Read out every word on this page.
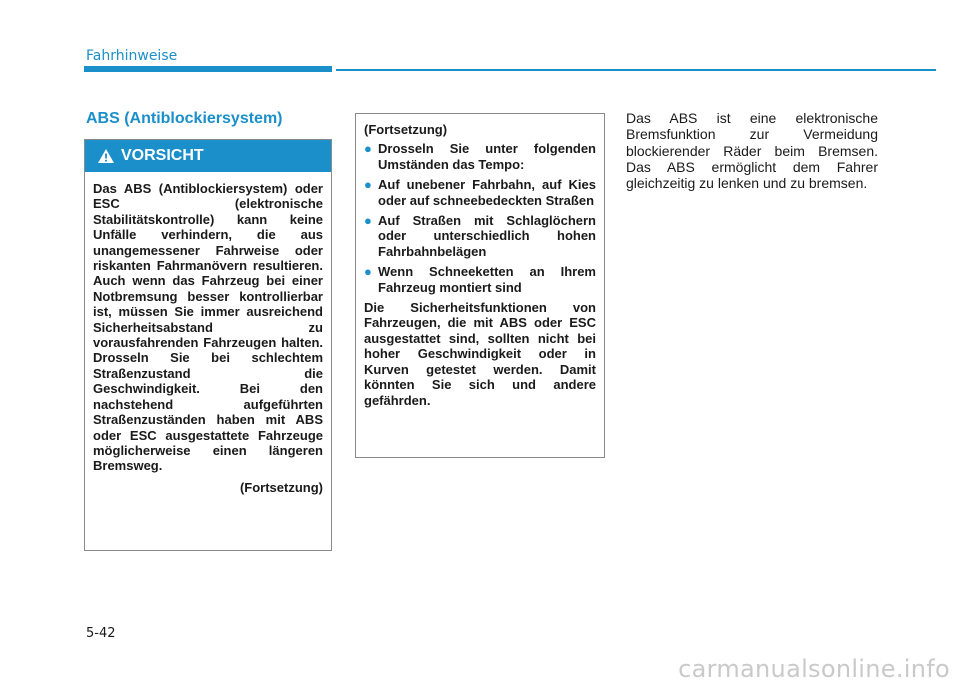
Fahrhinweise
ABS (Antiblockiersystem)
VORSICHT
Das ABS (Antiblockiersystem) oder ESC (elektronische Stabilitätskontrolle) kann keine Unfälle verhindern, die aus unangemessener Fahrweise oder riskanten Fahrmanövern resultieren. Auch wenn das Fahrzeug bei einer Notbremsung besser kontrollierbar ist, müssen Sie immer ausreichend Sicherheitsabstand zu vorausfahrenden Fahrzeugen halten. Drosseln Sie bei schlechtem Straßenzustand die Geschwindigkeit. Bei den nachstehend aufgeführten Straßenzuständen haben mit ABS oder ESC ausgestattete Fahrzeuge möglicherweise einen längeren Bremsweg.
(Fortsetzung)
(Fortsetzung)
● Drosseln Sie unter folgenden Umständen das Tempo:
● Auf unebener Fahrbahn, auf Kies oder auf schneebedeckten Straßen
● Auf Straßen mit Schlaglöchern oder unterschiedlich hohen Fahrbahnbelägen
● Wenn Schneeketten an Ihrem Fahrzeug montiert sind
Die Sicherheitsfunktionen von Fahrzeugen, die mit ABS oder ESC ausgestattet sind, sollten nicht bei hoher Geschwindigkeit oder in Kurven getestet werden. Damit könnten Sie sich und andere gefährden.
Das ABS ist eine elektronische Bremsfunktion zur Vermeidung blockierender Räder beim Bremsen. Das ABS ermöglicht dem Fahrer gleichzeitig zu lenken und zu bremsen.
5-42
carmanualsonline.info
